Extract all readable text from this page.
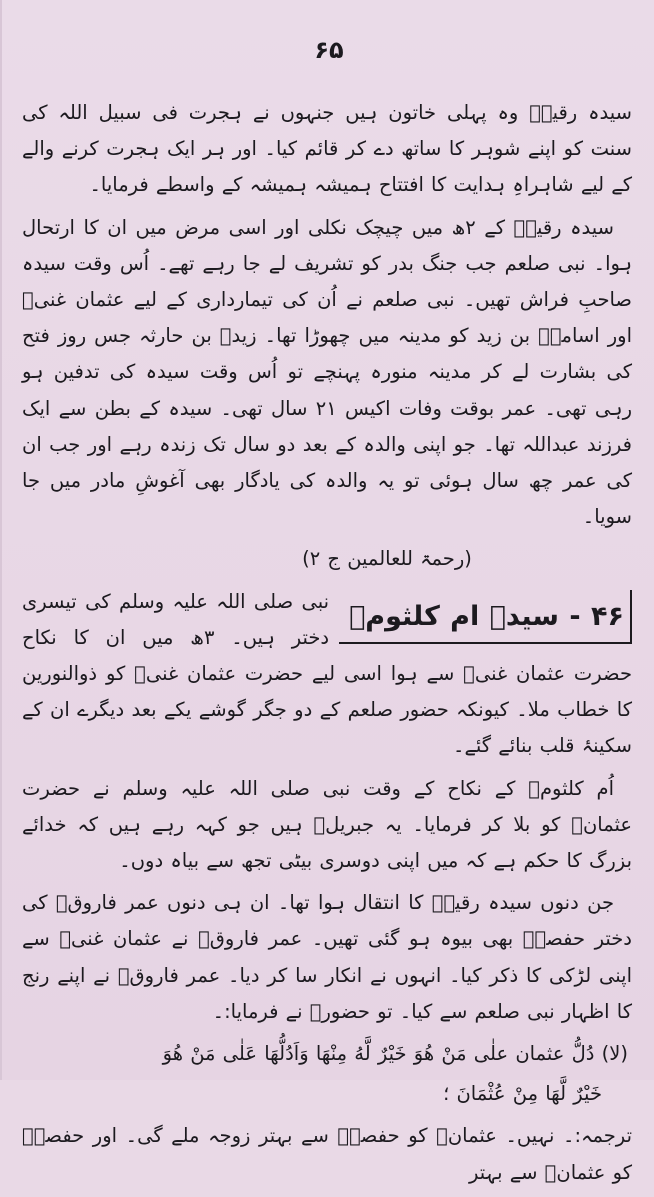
۶۵

سیدہ رقیہؓ وہ پہلی خاتون ہیں جنہوں نے ہجرت فی سبیل اللہ کی سنت کو اپنے شوہر کا ساتھ دے کر قائم کیا۔ اور ہر ایک ہجرت کرنے والے کے لیے شاہراہِ ہدایت کا افتتاح ہمیشہ ہمیشہ کے واسطے فرمایا۔

سیدہ رقیہؓ کے ۲ھ میں چیچک نکلی اور اسی مرض میں ان کا ارتحال ہوا۔ نبی صلعم جب جنگ بدر کو تشریف لے جا رہے تھے۔ اُس وقت سیدہ صاحبِ فراش تھیں۔ نبی صلعم نے اُن کی تیمارداری کے لیے عثمان غنیؓ اور اسامہؓ بن زید کو مدینہ میں چھوڑا تھا۔ زیدؓ بن حارثہ جس روز فتح کی بشارت لے کر مدینہ منورہ پہنچے تو اُس وقت سیدہ کی تدفین ہو رہی تھی۔ عمر بوقت وفات اکیس ۲۱ سال تھی۔ سیدہ کے بطن سے ایک فرزند عبداللہ تھا۔ جو اپنی والدہ کے بعد دو سال تک زندہ رہے اور جب ان کی عمر چھ سال ہوئی تو یہ والدہ کی یادگار بھی آغوشِ مادر میں جا سویا۔

(رحمۃ للعالمین ج ۲)

۴۶ - سیدہ ام کلثومؓ

نبی صلی اللہ علیہ وسلم کی تیسری دختر ہیں۔ ۳ھ میں ان کا نکاح حضرت عثمان غنیؓ سے ہوا اسی لیے حضرت عثمان غنیؓ کو ذوالنورین کا خطاب ملا۔ کیونکہ حضور صلعم کے دو جگر گوشے یکے بعد دیگرے ان کے سکینۂ قلب بنائے گئے۔

اُم کلثومؓ کے نکاح کے وقت نبی صلی اللہ علیہ وسلم نے حضرت عثمانؓ کو بلا کر فرمایا۔ یہ جبریلؑ ہیں جو کہہ رہے ہیں کہ خدائے بزرگ کا حکم ہے کہ میں اپنی دوسری بیٹی تجھ سے بیاہ دوں۔

جن دنوں سیدہ رقیہؓ کا انتقال ہوا تھا۔ ان ہی دنوں عمر فاروقؓ کی دختر حفصہؓ بھی بیوہ ہو گئی تھیں۔ عمر فاروقؓ نے عثمان غنیؓ سے اپنی لڑکی کا ذکر کیا۔ انہوں نے انکار سا کر دیا۔ عمر فاروقؓ نے اپنے رنج کا اظہار نبی صلعم سے کیا۔ تو حضورؐ نے فرمایا:۔

(لا) دُلُّ عثمان علٰی مَنْ هُوَ خَيْرٌ لَّهُ مِنْهَا وَاَدُلُّهَا عَلٰی مَنْ هُوَ

خَيْرٌ لَّهَا مِنْ عُثْمَانَ ؛

ترجمہ:۔ نہیں۔ عثمانؓ کو حفصہؓ سے بہتر زوجہ ملے گی۔ اور حفصہؓ کو عثمانؓ سے بہتر
